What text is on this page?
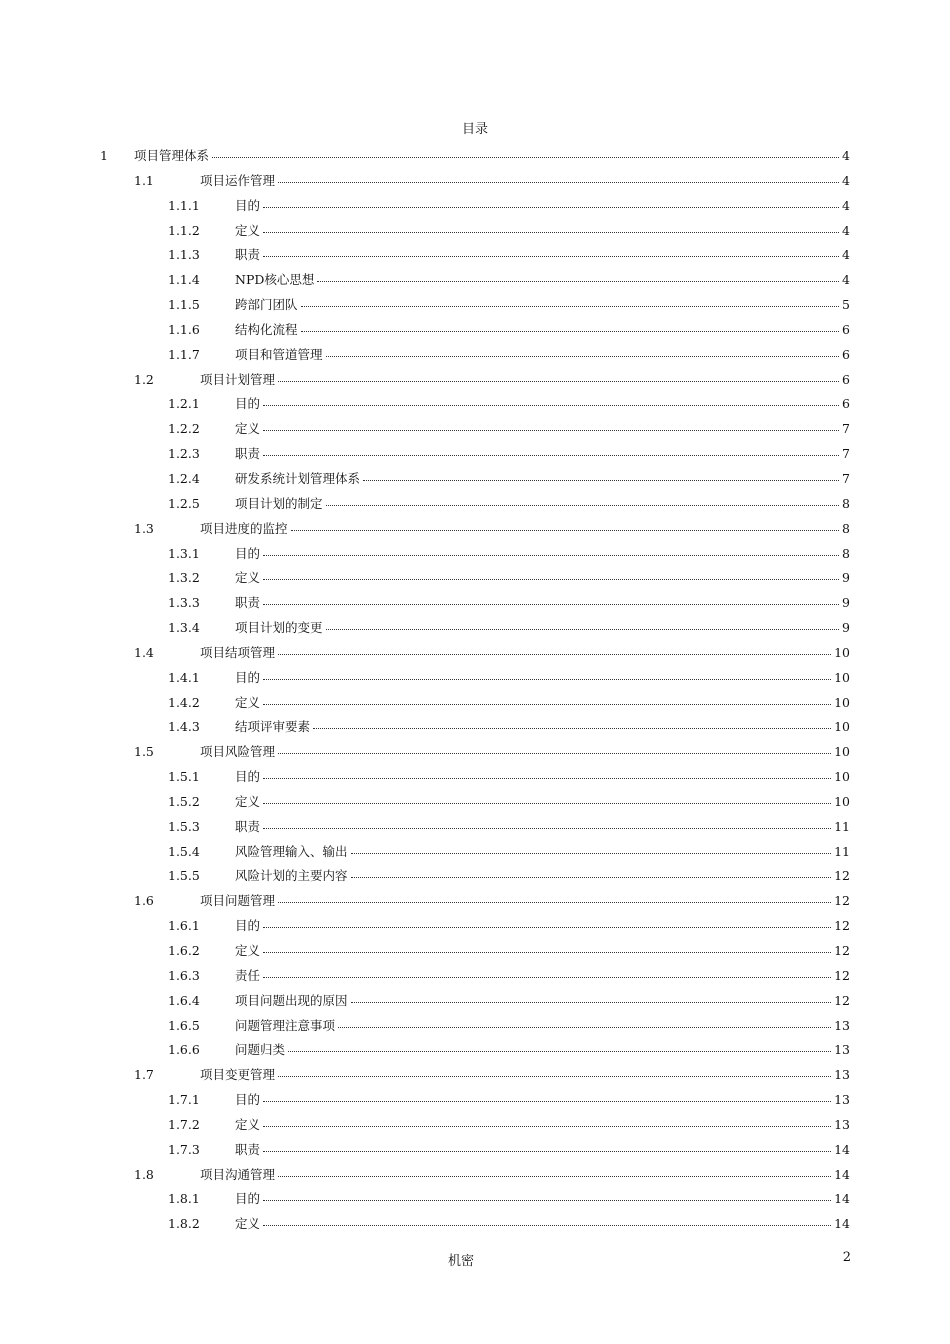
目录
1 项目管理体系	4
1.1	项目运作管理	4
1.1.1	目的	4
1.1.2	定义	4
1.1.3	职责	4
1.1.4	NPD核心思想	4
1.1.5	跨部门团队	5
1.1.6	结构化流程	6
1.1.7	项目和管道管理	6
1.2	项目计划管理	6
1.2.1	目的	6
1.2.2	定义	7
1.2.3	职责	7
1.2.4	研发系统计划管理体系	7
1.2.5	项目计划的制定	8
1.3	项目进度的监控	8
1.3.1	目的	8
1.3.2	定义	9
1.3.3	职责	9
1.3.4	项目计划的变更	9
1.4	项目结项管理	10
1.4.1	目的	10
1.4.2	定义	10
1.4.3	结项评审要素	10
1.5	项目风险管理	10
1.5.1	目的	10
1.5.2	定义	10
1.5.3	职责	11
1.5.4	风险管理输入、输出	11
1.5.5	风险计划的主要内容	12
1.6	项目问题管理	12
1.6.1	目的	12
1.6.2	定义	12
1.6.3	责任	12
1.6.4	项目问题出现的原因	12
1.6.5	问题管理注意事项	13
1.6.6	问题归类	13
1.7	项目变更管理	13
1.7.1	目的	13
1.7.2	定义	13
1.7.3	职责	14
1.8	项目沟通管理	14
1.8.1	目的	14
1.8.2	定义	14
机密	2
